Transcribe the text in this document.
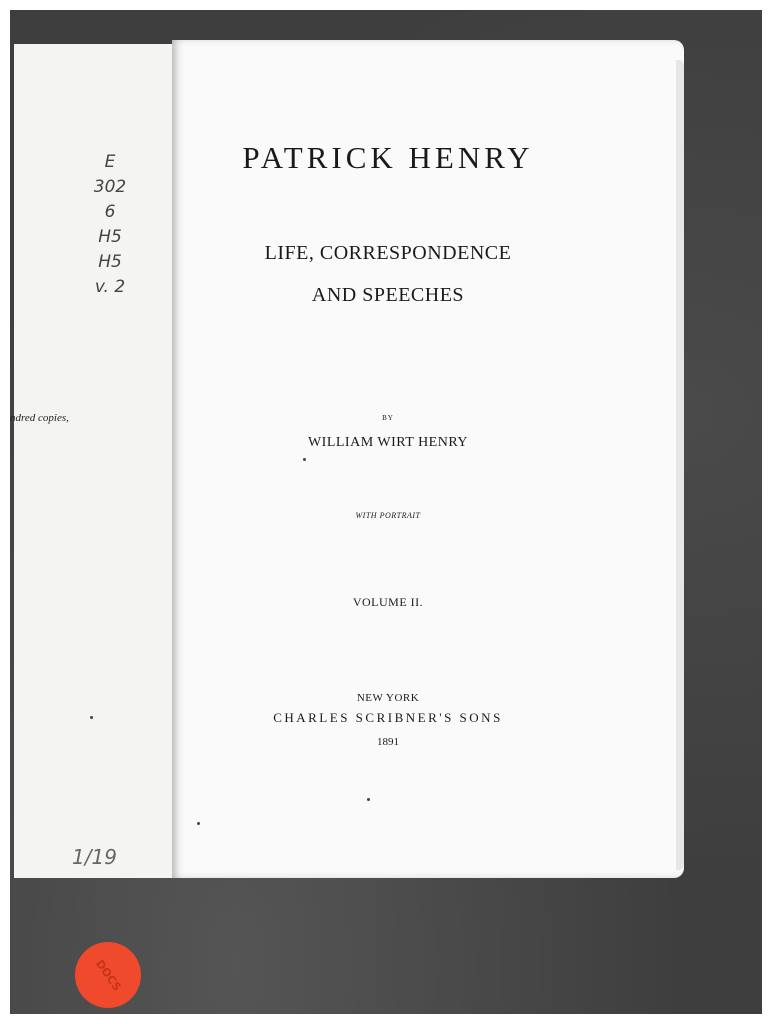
E
302
6
H5
H5
v. 2
ndred copies,
1/19
PATRICK HENRY
LIFE, CORRESPONDENCE
AND SPEECHES
BY
WILLIAM WIRT HENRY
WITH PORTRAIT
VOLUME II.
NEW YORK
CHARLES SCRIBNER'S SONS
1891
DOCS
